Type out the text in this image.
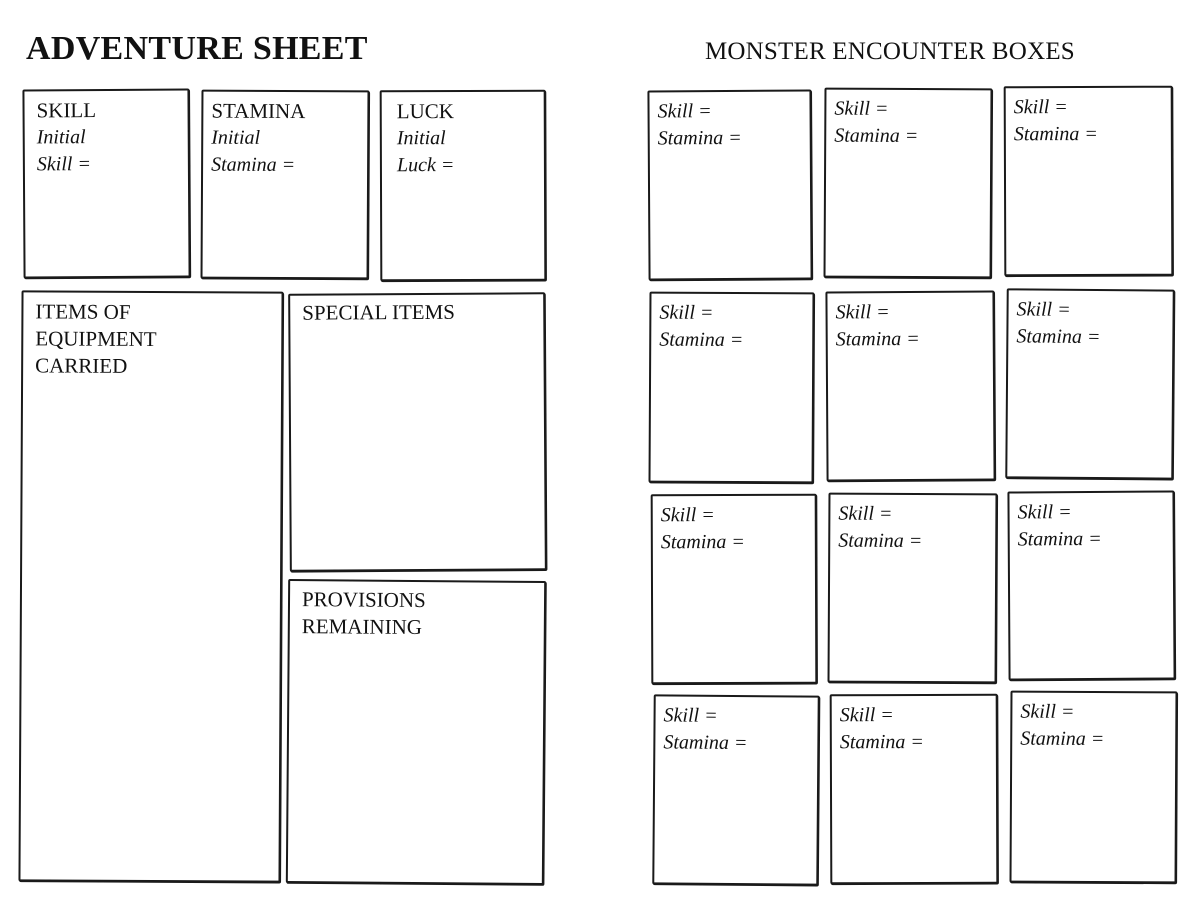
ADVENTURE SHEET
SKILL
Initial
Skill =
STAMINA
Initial
Stamina =
LUCK
Initial
Luck =
ITEMS OF
EQUIPMENT
CARRIED
SPECIAL ITEMS
PROVISIONS
REMAINING
MONSTER ENCOUNTER BOXES
Skill =
Stamina =
Skill =
Stamina =
Skill =
Stamina =
Skill =
Stamina =
Skill =
Stamina =
Skill =
Stamina =
Skill =
Stamina =
Skill =
Stamina =
Skill =
Stamina =
Skill =
Stamina =
Skill =
Stamina =
Skill =
Stamina =
